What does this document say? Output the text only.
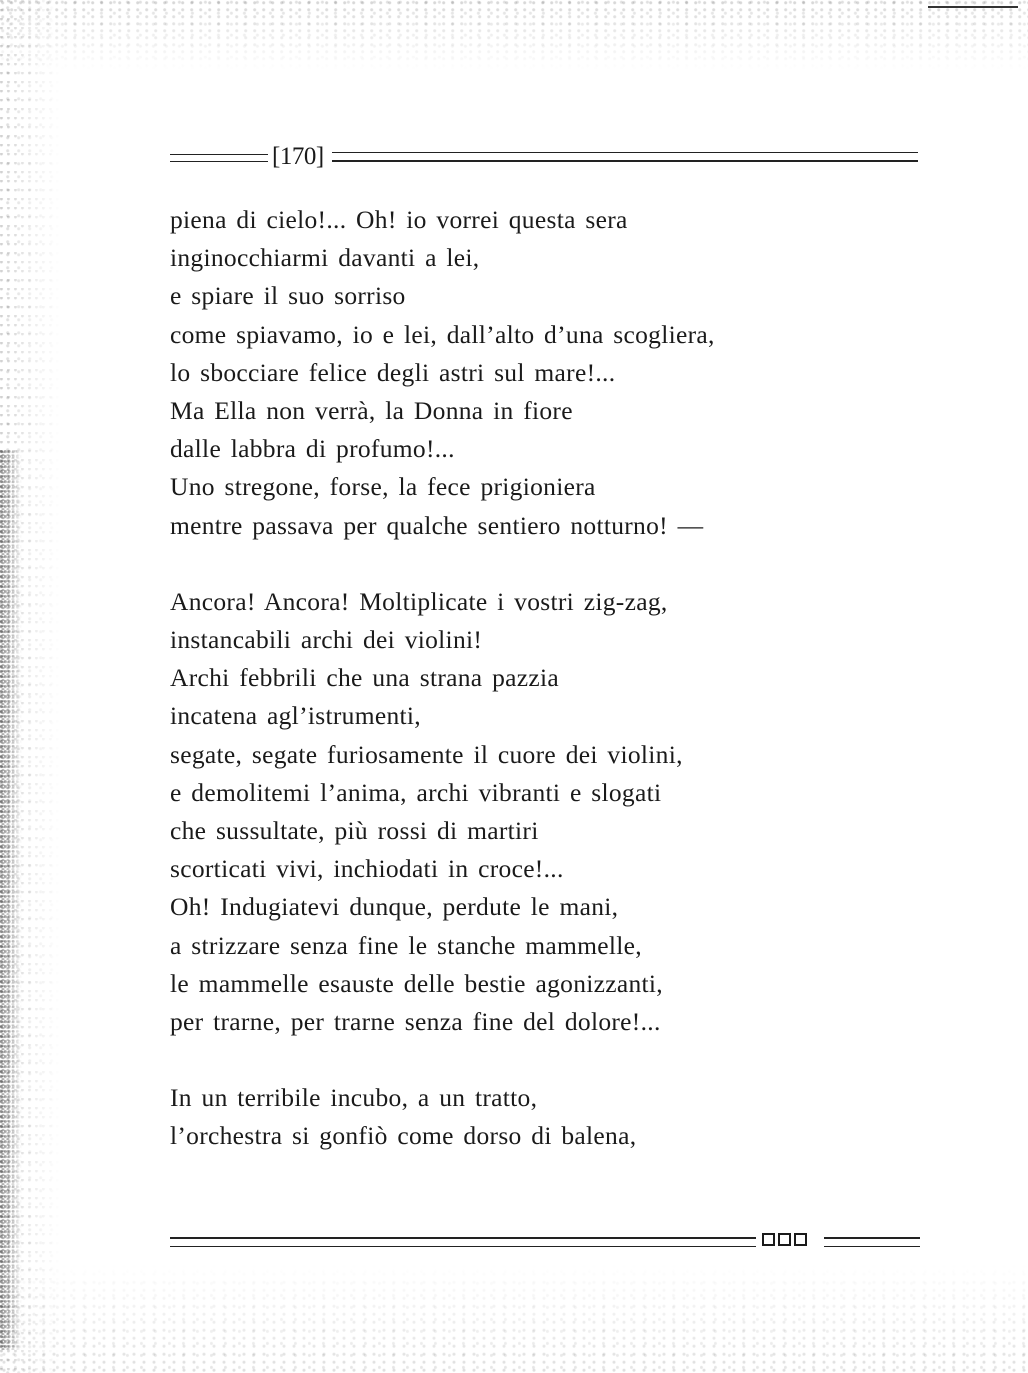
[170]
piena di cielo!... Oh! io vorrei questa sera
inginocchiarmi davanti a lei,
e spiare il suo sorriso
come spiavamo, io e lei, dall’alto d’una scogliera,
lo sbocciare felice degli astri sul mare!...
Ma Ella non verrà, la Donna in fiore
dalle labbra di profumo!...
Uno stregone, forse, la fece prigioniera
mentre passava per qualche sentiero notturno! —
Ancora! Ancora! Moltiplicate i vostri zig-zag,
instancabili archi dei violini!
Archi febbrili che una strana pazzia
incatena agl’istrumenti,
segate, segate furiosamente il cuore dei violini,
e demolitemi l’anima, archi vibranti e slogati
che sussultate, più rossi di martiri
scorticati vivi, inchiodati in croce!...
Oh! Indugiatevi dunque, perdute le mani,
a strizzare senza fine le stanche mammelle,
le mammelle esauste delle bestie agonizzanti,
per trarne, per trarne senza fine del dolore!...
In un terribile incubo, a un tratto,
l’orchestra si gonfiò come dorso di balena,
